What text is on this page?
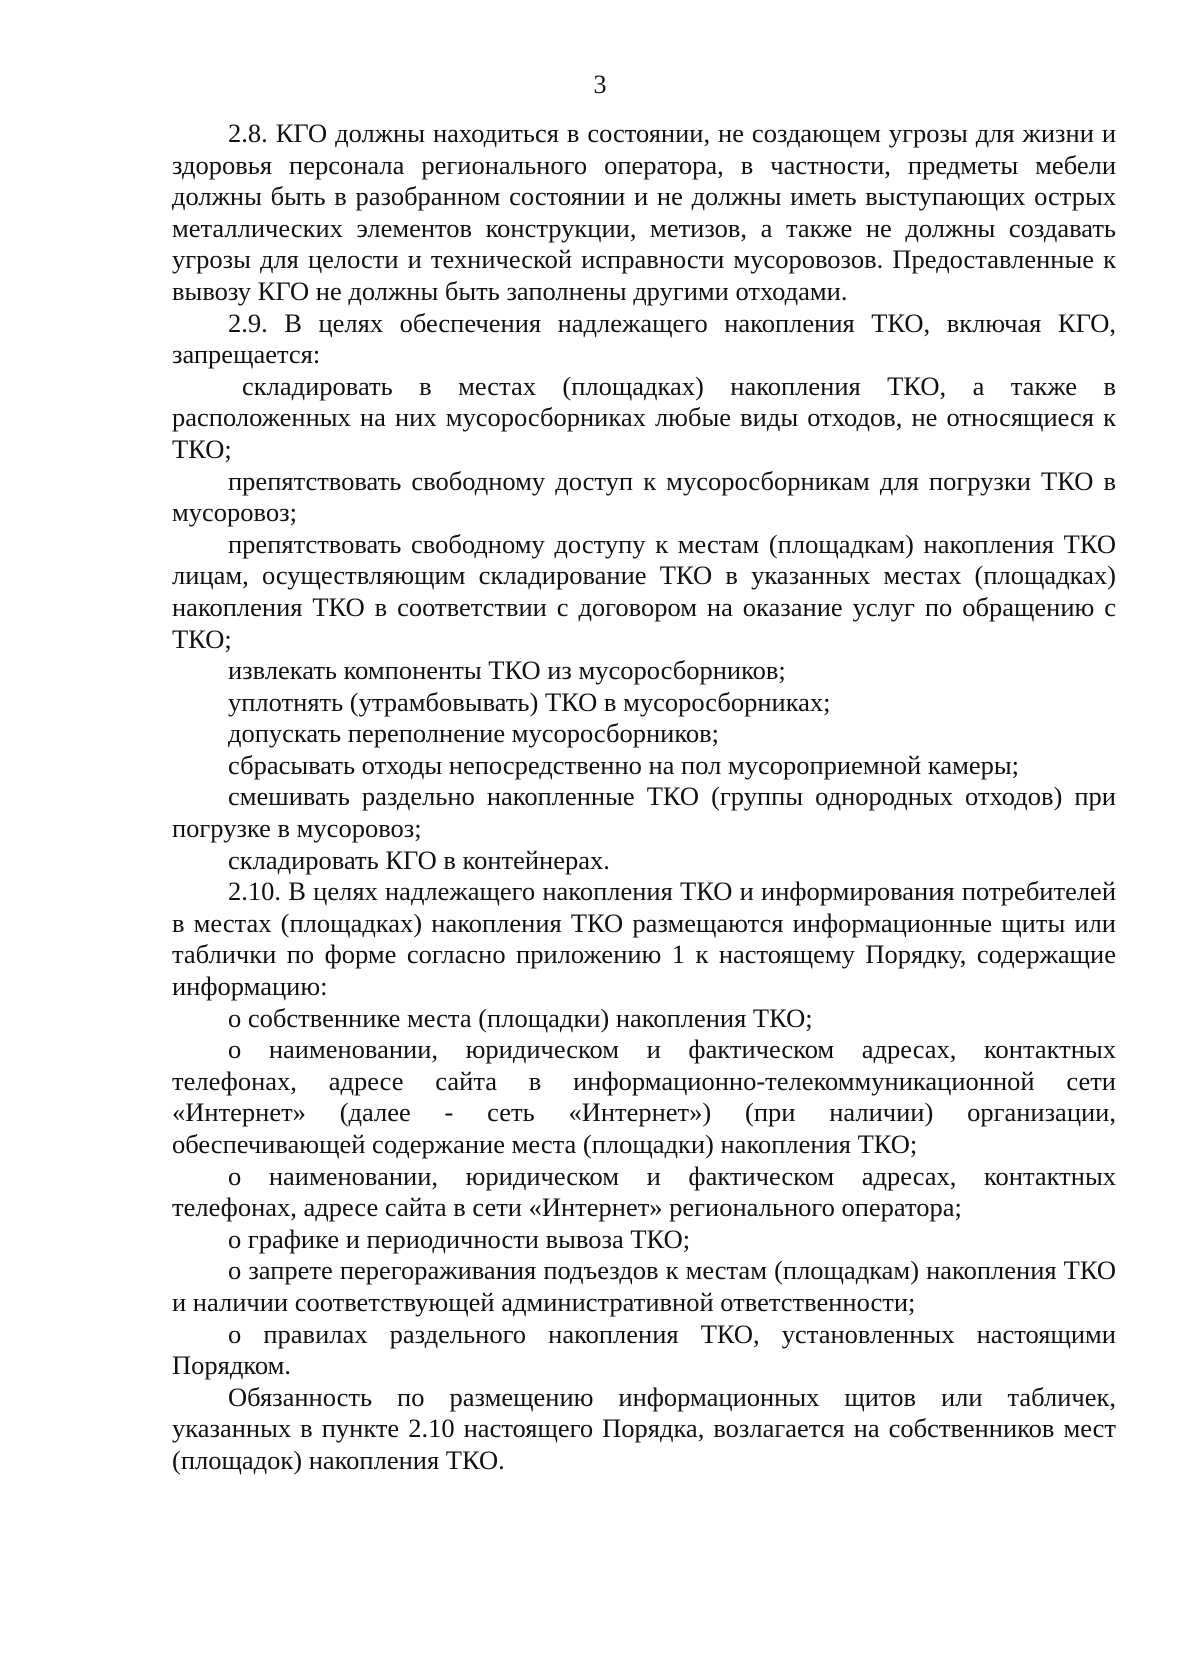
3

2.8. КГО должны находиться в состоянии, не создающем угрозы для жизни и здоровья персонала регионального оператора, в частности, предметы мебели должны быть в разобранном состоянии и не должны иметь выступающих острых металлических элементов конструкции, метизов, а также не должны создавать угрозы для целости и технической исправности мусоровозов. Предоставленные к вывозу КГО не должны быть заполнены другими отходами.

2.9. В целях обеспечения надлежащего накопления ТКО, включая КГО, запрещается:

складировать в местах (площадках) накопления ТКО, а также в расположенных на них мусоросборниках любые виды отходов, не относящиеся к ТКО;

препятствовать свободному доступ к мусоросборникам для погрузки ТКО в мусоровоз;

препятствовать свободному доступу к местам (площадкам) накопления ТКО лицам, осуществляющим складирование ТКО в указанных местах (площадках) накопления ТКО в соответствии с договором на оказание услуг по обращению с ТКО;

извлекать компоненты ТКО из мусоросборников;

уплотнять (утрамбовывать) ТКО в мусоросборниках;

допускать переполнение мусоросборников;

сбрасывать отходы непосредственно на пол мусороприемной камеры;

смешивать раздельно накопленные ТКО (группы однородных отходов) при погрузке в мусоровоз;

складировать КГО в контейнерах.

2.10. В целях надлежащего накопления ТКО и информирования потребителей в местах (площадках) накопления ТКО размещаются информационные щиты или таблички по форме согласно приложению 1 к настоящему Порядку, содержащие информацию:

о собственнике места (площадки) накопления ТКО;

о наименовании, юридическом и фактическом адресах, контактных телефонах, адресе сайта в информационно-телекоммуникационной сети «Интернет» (далее - сеть «Интернет») (при наличии) организации, обеспечивающей содержание места (площадки) накопления ТКО;

о наименовании, юридическом и фактическом адресах, контактных телефонах, адресе сайта в сети «Интернет» регионального оператора;

о графике и периодичности вывоза ТКО;

о запрете перегораживания подъездов к местам (площадкам) накопления ТКО и наличии соответствующей административной ответственности;

о правилах раздельного накопления ТКО, установленных настоящими Порядком.

Обязанность по размещению информационных щитов или табличек, указанных в пункте 2.10 настоящего Порядка, возлагается на собственников мест (площадок) накопления ТКО.
